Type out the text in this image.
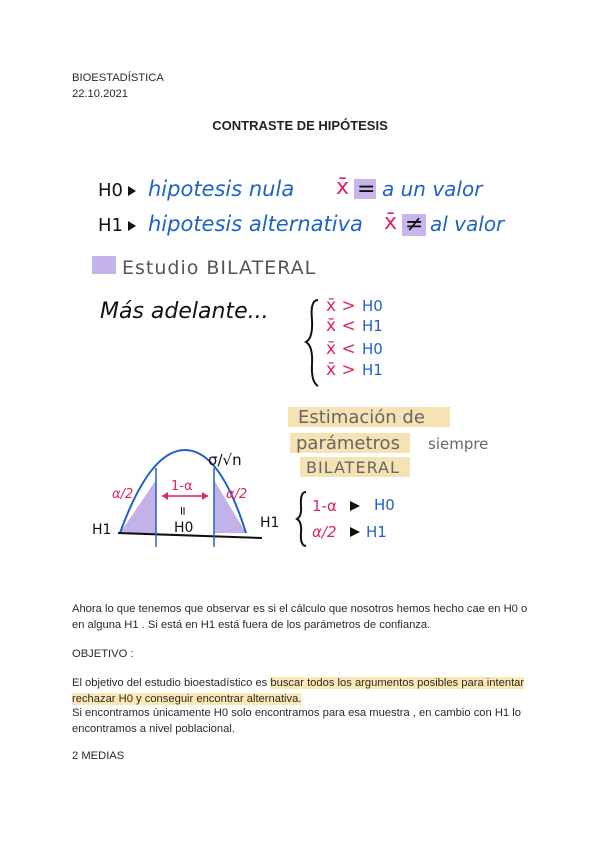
BIOESTADÍSTICA
22.10.2021
CONTRASTE DE HIPÓTESIS
H0 hipotesis nula x̄ = a un valor
H1 hipotesis alternativa x̄ ≠ al valor
Estudio BILATERAL
Más adelante...	x̄ > H0
x̄ < H1
x̄ < H0
x̄ > H1
1-α
α/2	α/2
σ/√n
=
H0
H1	H1
Estimación de
parámetros siempre
BILATERAL
1-α H0
α/2 H1

Ahora lo que tenemos que observar es si el cálculo que nosotros hemos hecho cae en H0 o en alguna H1 . Si está en H1 está fuera de los parámetros de confianza.

OBJETIVO :

El objetivo del estudio bioestadístico es buscar todos los argumentos posibles para intentar rechazar H0 y conseguir encontrar alternativa.

Si encontramos únicamente H0 solo encontramos para esa muestra , en cambio con H1 lo encontramos a nivel poblacional.

2 MEDIAS
